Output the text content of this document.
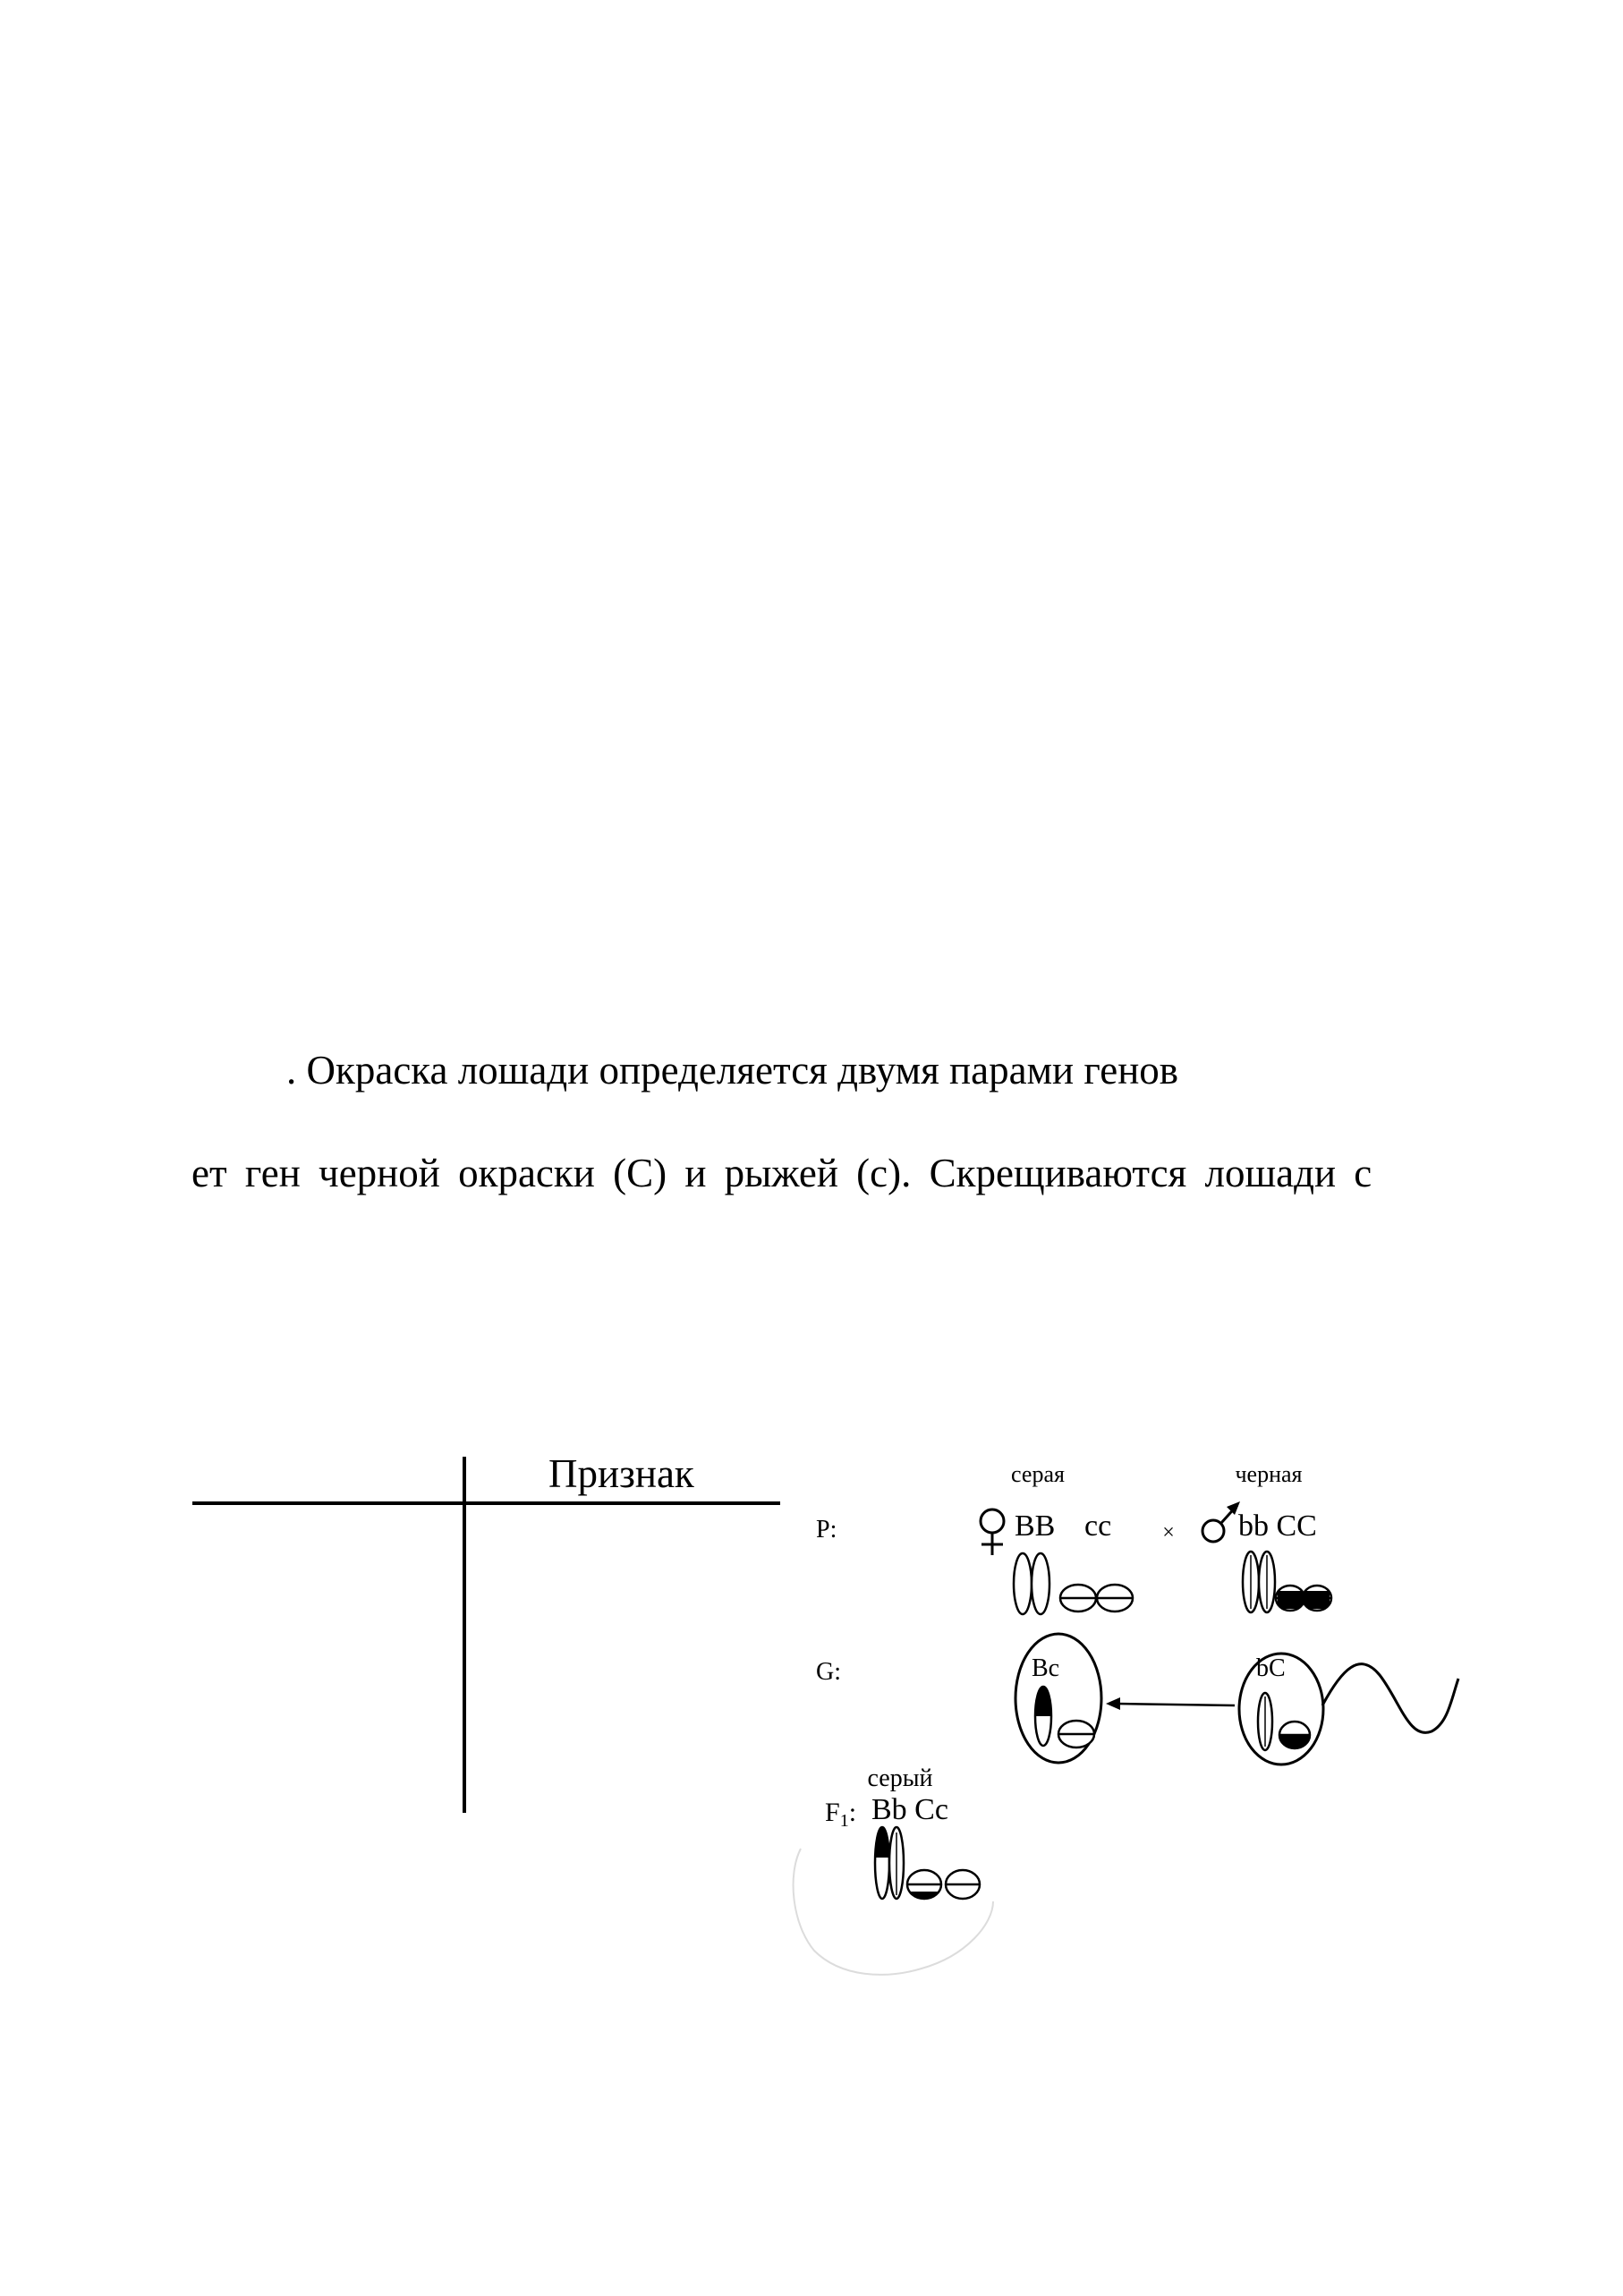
. Окраска лошади определяется двумя парами генов
ет ген черной окраски (С) и рыжей (с). Скрещиваются лошади с
Признак
P:
G:
$F_1$:
серая
BB cc ×
черная
bb CC
Bc	bC
серый
Bb Cc
